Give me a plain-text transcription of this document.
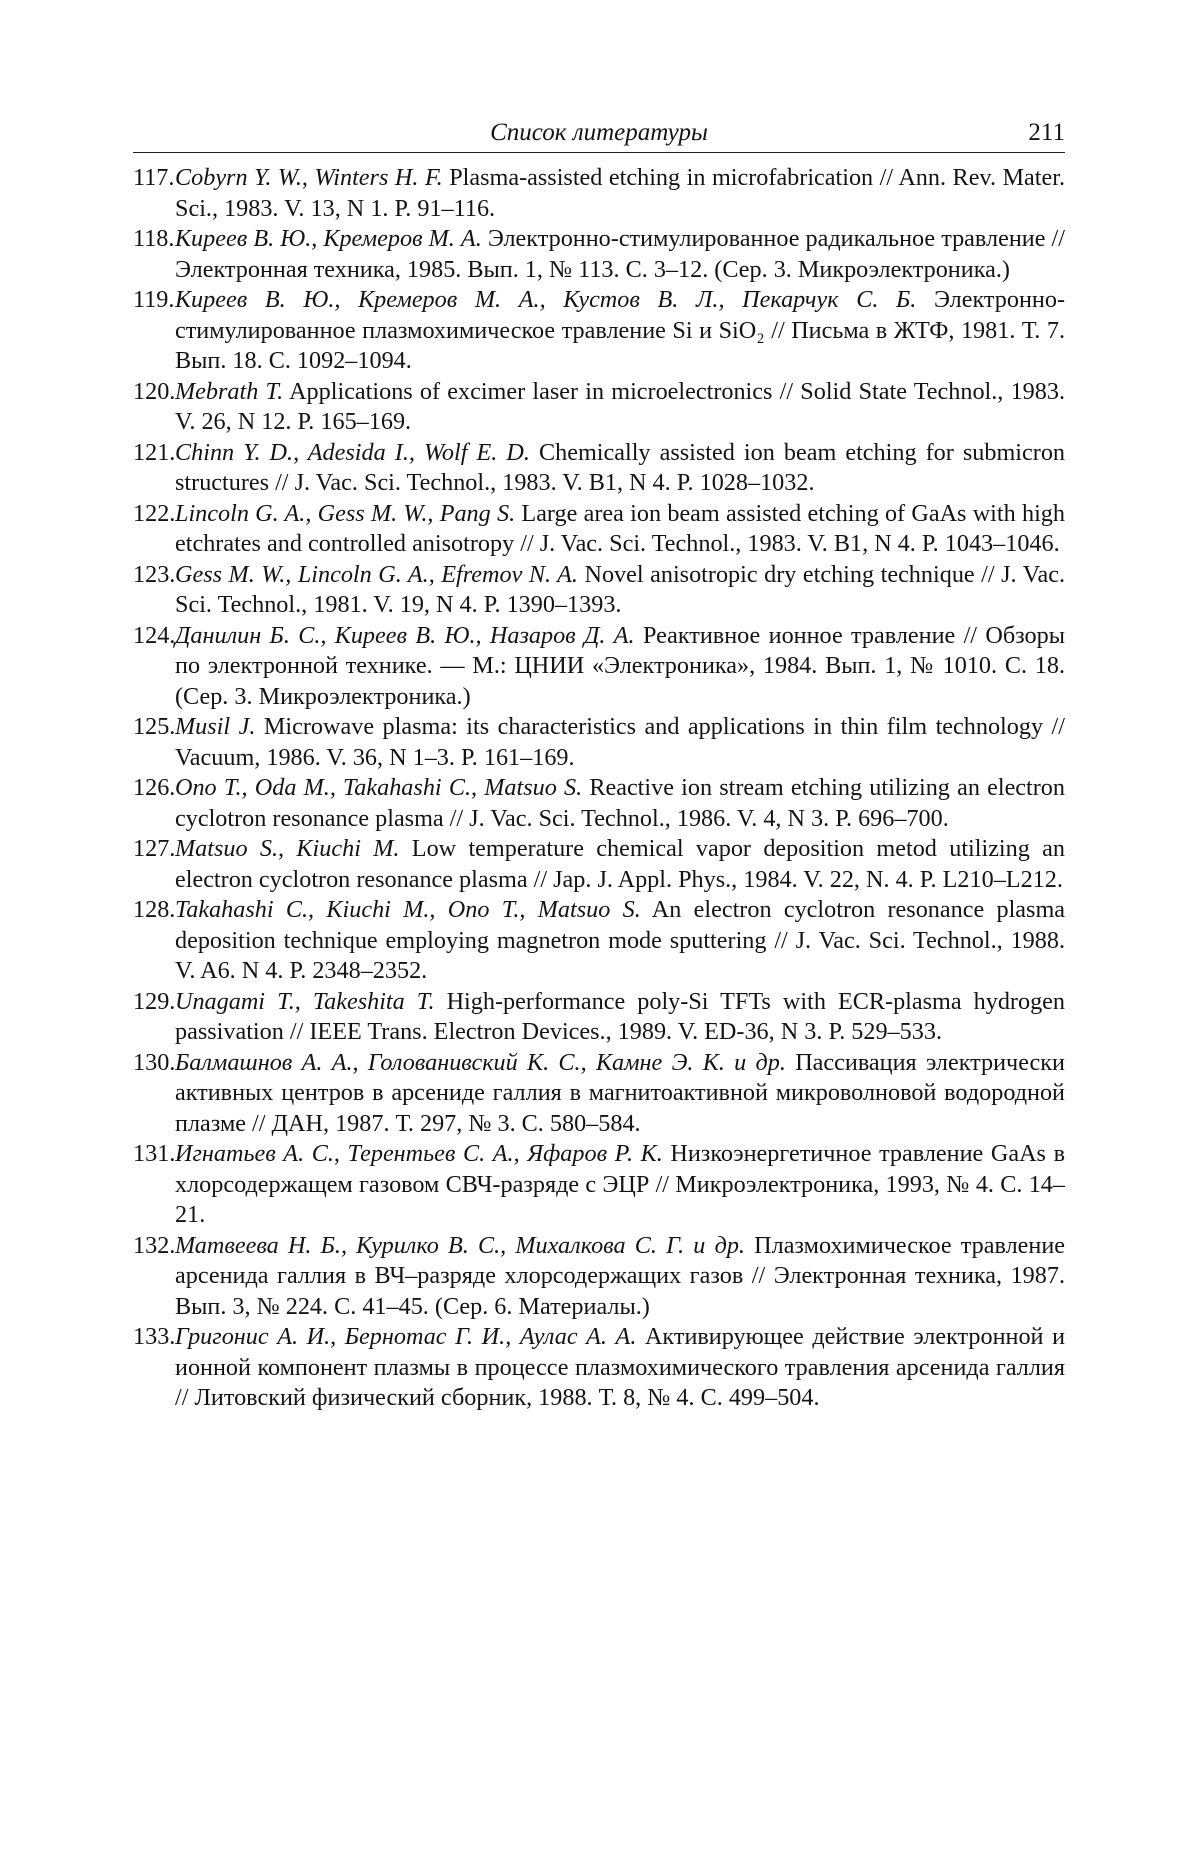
Список литературы	211
117. Cobyrn Y. W., Winters H. F. Plasma-assisted etching in microfabrication // Ann. Rev. Mater. Sci., 1983. V. 13, N 1. P. 91–116.
118. Киреев В. Ю., Кремеров М. А. Электронно-стимулированное радикальное травление // Электронная техника, 1985. Вып. 1, № 113. С. 3–12. (Сер. 3. Микроэлектроника.)
119. Киреев В. Ю., Кремеров М. А., Кустов В. Л., Пекарчук С. Б. Электронно-стимулированное плазмохимическое травление Si и SiO₂ // Письма в ЖТФ, 1981. Т. 7. Вып. 18. С. 1092–1094.
120. Mebrath T. Applications of excimer laser in microelectronics // Solid State Technol., 1983. V. 26, N 12. P. 165–169.
121. Chinn Y. D., Adesida I., Wolf E. D. Chemically assisted ion beam etching for submicron structures // J. Vac. Sci. Technol., 1983. V. B1, N 4. P. 1028–1032.
122. Lincoln G. A., Gess M. W., Pang S. Large area ion beam assisted etching of GaAs with high etchrates and controlled anisotropy // J. Vac. Sci. Technol., 1983. V. B1, N 4. P. 1043–1046.
123. Gess M. W., Lincoln G. A., Efremov N. A. Novel anisotropic dry etching technique // J. Vac. Sci. Technol., 1981. V. 19, N 4. P. 1390–1393.
124. Данилин Б. С., Киреев В. Ю., Назаров Д. А. Реактивное ионное травление // Обзоры по электронной технике. — М.: ЦНИИ «Электроника», 1984. Вып. 1, № 1010. С. 18. (Сер. 3. Микроэлектроника.)
125. Musil J. Microwave plasma: its characteristics and applications in thin film technology // Vacuum, 1986. V. 36, N 1–3. P. 161–169.
126. Ono T., Oda M., Takahashi C., Matsuo S. Reactive ion stream etching utilizing an electron cyclotron resonance plasma // J. Vac. Sci. Technol., 1986. V. 4, N 3. P. 696–700.
127. Matsuo S., Kiuchi M. Low temperature chemical vapor deposition metod utilizing an electron cyclotron resonance plasma // Jap. J. Appl. Phys., 1984. V. 22, N. 4. P. L210–L212.
128. Takahashi C., Kiuchi M., Ono T., Matsuo S. An electron cyclotron resonance plasma deposition technique employing magnetron mode sputtering // J. Vac. Sci. Technol., 1988. V. A6. N 4. P. 2348–2352.
129. Unagami T., Takeshita T. High-performance poly-Si TFTs with ECR-plasma hydrogen passivation // IEEE Trans. Electron Devices., 1989. V. ED-36, N 3. P. 529–533.
130. Балмашнов А. А., Голованивский К. С., Камне Э. К. и др. Пассивация электрически активных центров в арсениде галлия в магнитоактивной микроволновой водородной плазме // ДАН, 1987. Т. 297, № 3. С. 580–584.
131. Игнатьев А. С., Терентьев С. А., Яфаров Р. К. Низкоэнергетичное травление GaAs в хлорсодержащем газовом СВЧ-разряде с ЭЦР // Микроэлектроника, 1993, № 4. С. 14–21.
132. Матвеева Н. Б., Курилко В. С., Михалкова С. Г. и др. Плазмохимическое травление арсенида галлия в ВЧ–разряде хлорсодержащих газов // Электронная техника, 1987. Вып. 3, № 224. С. 41–45. (Сер. 6. Материалы.)
133. Григонис А. И., Бернотас Г. И., Аулас А. А. Активирующее действие электронной и ионной компонент плазмы в процессе плазмохимического травления арсенида галлия // Литовский физический сборник, 1988. Т. 8, № 4. С. 499–504.
